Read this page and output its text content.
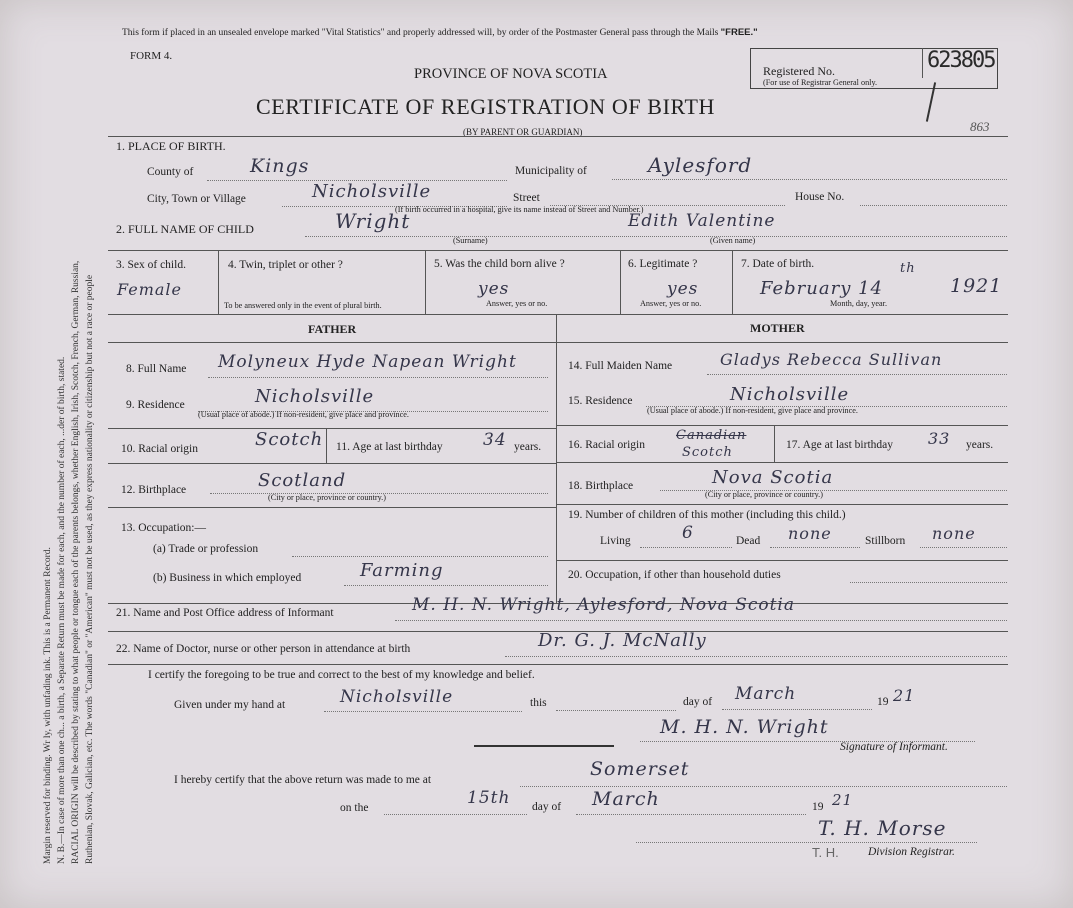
Margin reserved for binding. Wr ly, with unfading ink. This is a Permanent Record. N. B.—In case of more than one ch... a birth, a Separate Return must be made for each, and the number of each, ...der of birth, stated. RACIAL ORIGIN will be described by stating to what people or tongue each of the parents belongs, whether English, Irish, Scotch, French, German, Russian, Ruthenian, Slovak, Galician, etc. The words "Canadian" or "American" must not be used, as they express nationality or citizenship but not a race or people
This form if placed in an unsealed envelope marked "Vital Statistics" and properly addressed will, by order of the Postmaster General pass through the Mails "FREE."
FORM 4.
PROVINCE OF NOVA SCOTIA
CERTIFICATE OF REGISTRATION OF BIRTH
(BY PARENT OR GUARDIAN)
Registered No.
(For use of Registrar General only.
623805
863
1. PLACE OF BIRTH.
County of	Kings	Municipality of	Aylesford
City, Town or Village	Nicholsville	Street	House No.
(If birth occurred in a hospital, give its name instead of Street and Number.)
2. FULL NAME OF CHILD	Wright
(Surname)
Edith Valentine
(Given name)
3. Sex of child.
Female
4. Twin, triplet or other ?
To be answered only in the event of plural birth.
5. Was the child born alive ?
yes
Answer, yes or no.
6. Legitimate ?
yes
Answer, yes or no.
7. Date of birth.
February 14
th
1921
Month, day, year.
FATHER
8. Full Name Molyneux Hyde Napean Wright
9. Residence	Nicholsville
(Usual place of abode.) If non-resident, give place and province.
10. Racial origin	Scotch 11. Age at last birthday 34 years.
12. Birthplace	Scotland
(City or place, province or country.)
13. Occupation:—
(a) Trade or profession
(b) Business in which employed	Farming
MOTHER
14. Full Maiden Name	Gladys Rebecca Sullivan
15. Residence	Nicholsville
(Usual place of abode.) If non-resident, give place and province.
16. Racial origin
Canadian
Scotch	17. Age at last birthday 33 years.
18. Birthplace	Nova Scotia
(City or place, province or country.)
19. Number of children of this mother (including this child.)
Living	6	Dead none	Stillborn none
20. Occupation, if other than household duties
21. Name and Post Office address of Informant	M. H. N. Wright, Aylesford, Nova Scotia
22. Name of Doctor, nurse or other person in attendance at birth	Dr. G. J. McNally
I certify the foregoing to be true and correct to the best of my knowledge and belief.
Given under my hand at	Nicholsville	this	day of March	19 21
M. H. N. Wright
Signature of Informant.
I hereby certify that the above return was made to me at	Somerset
on the	15th day of March	19 21
T. H. Morse
T. H.	Division Registrar.
